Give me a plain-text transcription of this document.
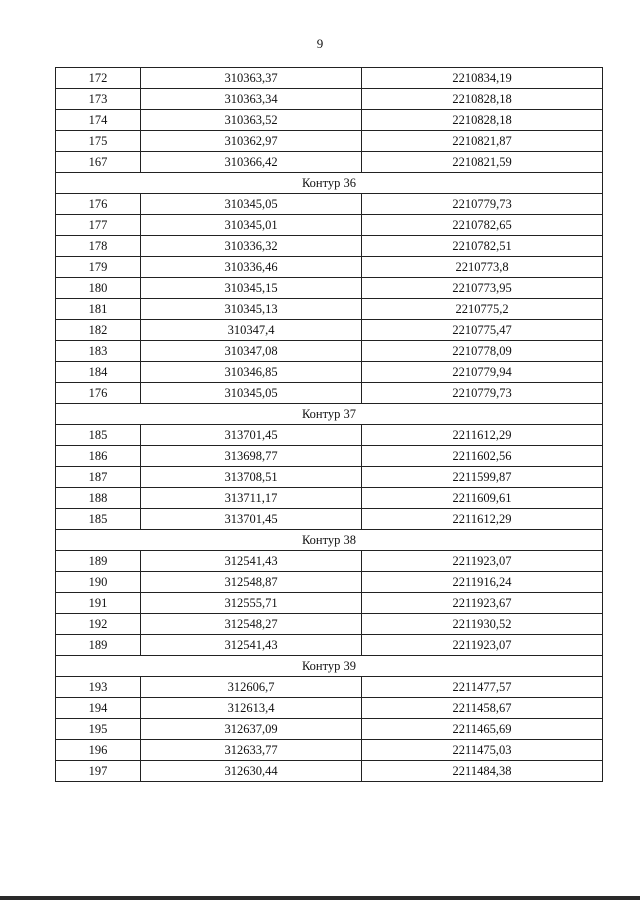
9
172	310363,37	2210834,19
173	310363,34	2210828,18
174	310363,52	2210828,18
175	310362,97	2210821,87
167	310366,42	2210821,59
Контур 36		
176	310345,05	2210779,73
177	310345,01	2210782,65
178	310336,32	2210782,51
179	310336,46	2210773,8
180	310345,15	2210773,95
181	310345,13	2210775,2
182	310347,4	2210775,47
183	310347,08	2210778,09
184	310346,85	2210779,94
176	310345,05	2210779,73
Контур 37		
185	313701,45	2211612,29
186	313698,77	2211602,56
187	313708,51	2211599,87
188	313711,17	2211609,61
185	313701,45	2211612,29
Контур 38		
189	312541,43	2211923,07
190	312548,87	2211916,24
191	312555,71	2211923,67
192	312548,27	2211930,52
189	312541,43	2211923,07
Контур 39		
193	312606,7	2211477,57
194	312613,4	2211458,67
195	312637,09	2211465,69
196	312633,77	2211475,03
197	312630,44	2211484,38
